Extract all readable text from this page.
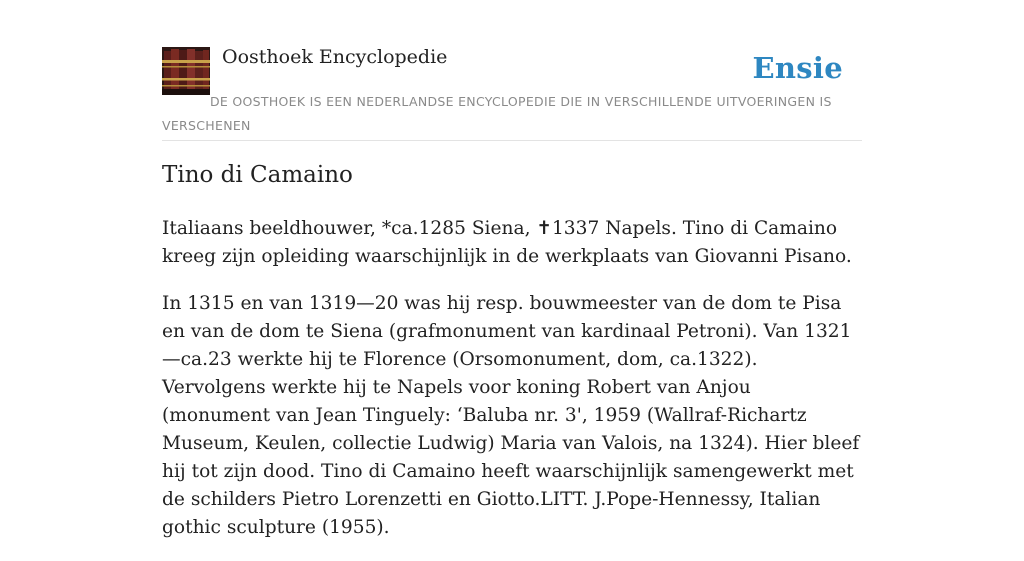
Oosthoek Encyclopedie	Ensie
DE OOSTHOEK IS EEN NEDERLANDSE ENCYCLOPEDIE DIE IN VERSCHILLENDE UITVOERINGEN IS VERSCHENEN
Tino di Camaino

Italiaans beeldhouwer, *ca.1285 Siena, ✝1337 Napels. Tino di Camaino kreeg zijn opleiding waarschijnlijk in de werkplaats van Giovanni Pisano.

In 1315 en van 1319—20 was hij resp. bouwmeester van de dom te Pisa en van de dom te Siena (grafmonument van kardinaal Petroni). Van 1321—ca.23 werkte hij te Florence (Orsomonument, dom, ca.1322). Vervolgens werkte hij te Napels voor koning Robert van Anjou (monument van Jean Tinguely: ‘Baluba nr. 3', 1959 (Wallraf-Richartz Museum, Keulen, collectie Ludwig) Maria van Valois, na 1324). Hier bleef hij tot zijn dood. Tino di Camaino heeft waarschijnlijk samengewerkt met de schilders Pietro Lorenzetti en Giotto.LITT. J.Pope-Hennessy, Italian gothic sculpture (1955).
